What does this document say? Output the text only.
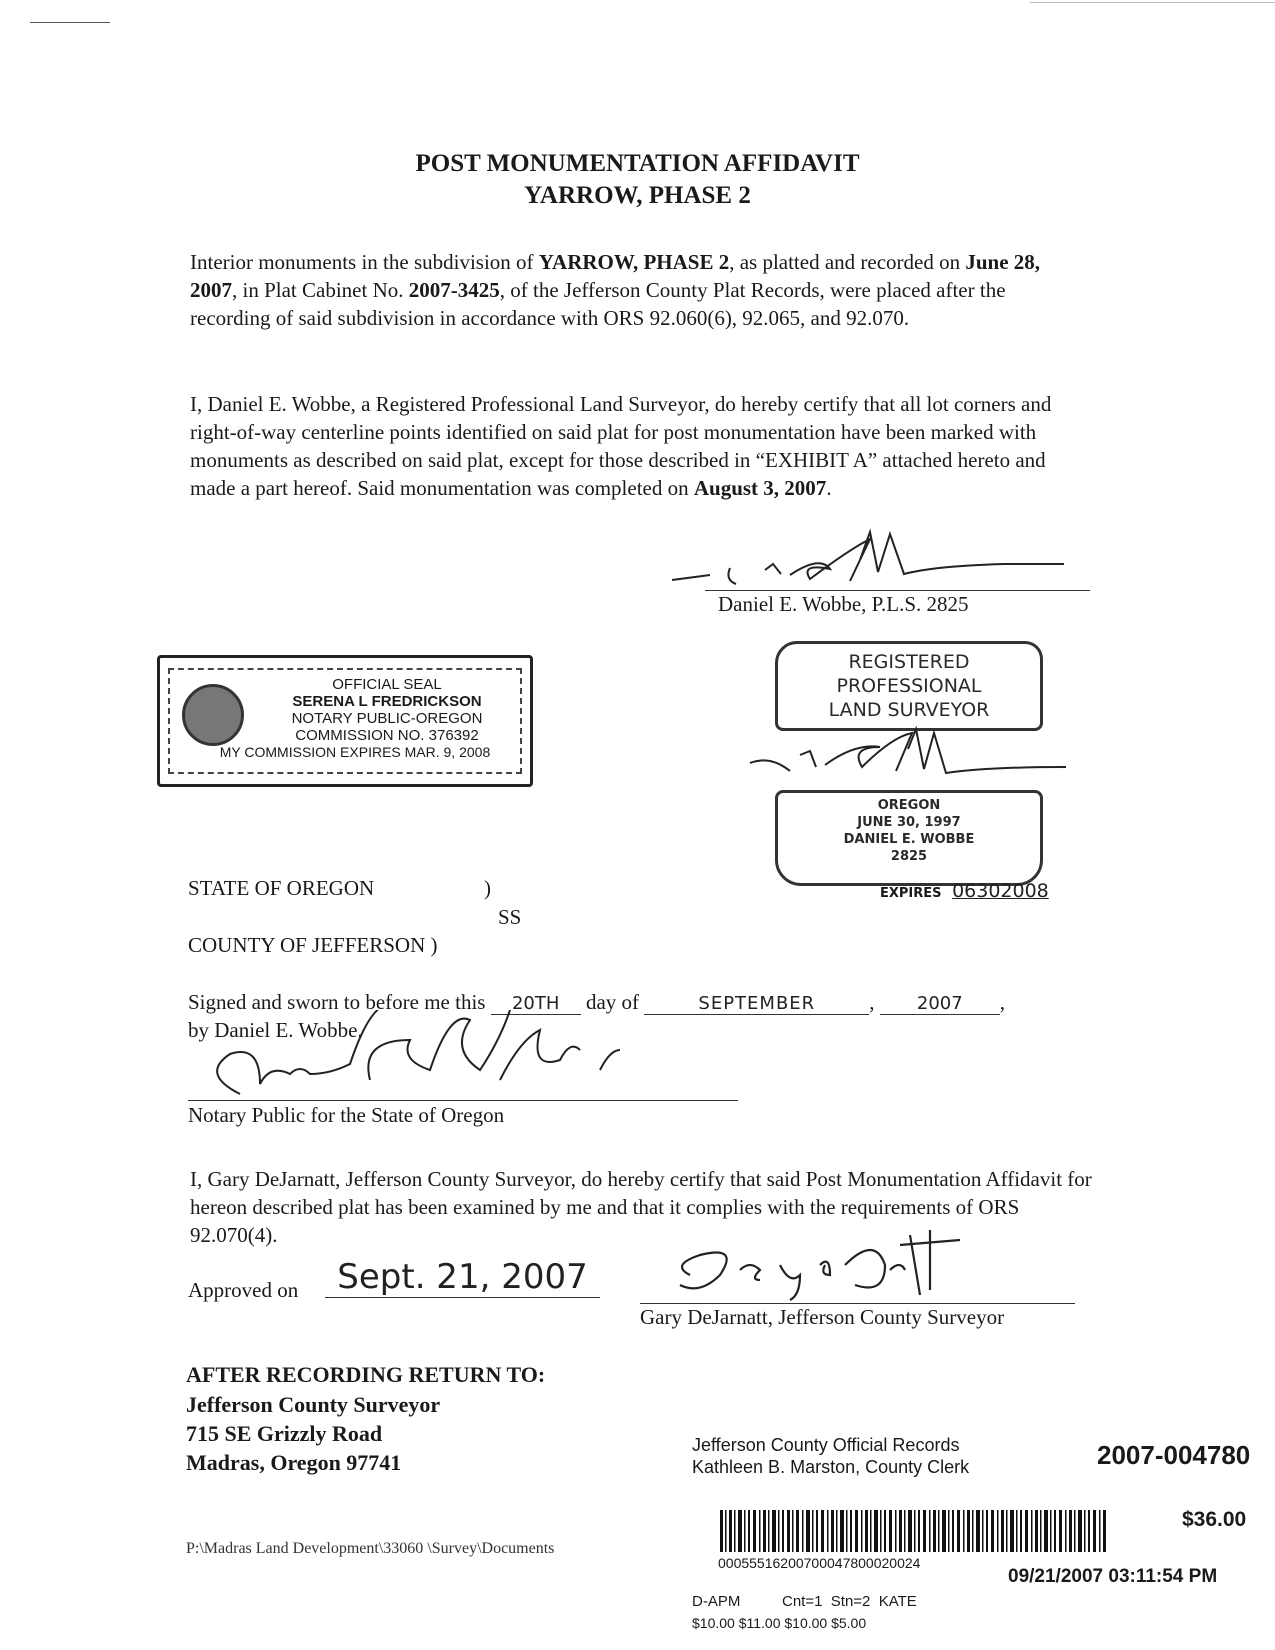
POST MONUMENTATION AFFIDAVIT
YARROW, PHASE 2
Interior monuments in the subdivision of YARROW, PHASE 2, as platted and recorded on June 28, 2007, in Plat Cabinet No. 2007-3425, of the Jefferson County Plat Records, were placed after the recording of said subdivision in accordance with ORS 92.060(6), 92.065, and 92.070.
I, Daniel E. Wobbe, a Registered Professional Land Surveyor, do hereby certify that all lot corners and right-of-way centerline points identified on said plat for post monumentation have been marked with monuments as described on said plat, except for those described in “EXHIBIT A” attached hereto and made a part hereof. Said monumentation was completed on August 3, 2007.
Daniel E. Wobbe, P.L.S. 2825
OFFICIAL SEAL
SERENA L FREDRICKSON
NOTARY PUBLIC-OREGON
COMMISSION NO. 376392
MY COMMISSION EXPIRES MAR. 9, 2008
REGISTERED
PROFESSIONAL
LAND SURVEYOR
OREGON
JUNE 30, 1997
DANIEL E. WOBBE
2825
EXPIRES 06302008
STATE OF OREGON	)
SS
COUNTY OF JEFFERSON )
Signed and sworn to before me this 20TH day of	SEPTEMBER	, 2007 ,
by Daniel E. Wobbe.
Notary Public for the State of Oregon
I, Gary DeJarnatt, Jefferson County Surveyor, do hereby certify that said Post Monumentation Affidavit for hereon described plat has been examined by me and that it complies with the requirements of ORS 92.070(4).
Approved on	Sept. 21, 2007
Gary DeJarnatt, Jefferson County Surveyor
AFTER RECORDING RETURN TO:
Jefferson County Surveyor
715 SE Grizzly Road
Madras, Oregon 97741
P:\Madras Land Development\33060 \Survey\Documents
Jefferson County Official Records
Kathleen B. Marston, County Clerk	2007-004780
$36.00
00055516200700047800020024
09/21/2007 03:11:54 PM
D-APM          Cnt=1  Stn=2  KATE
$10.00 $11.00 $10.00 $5.00
